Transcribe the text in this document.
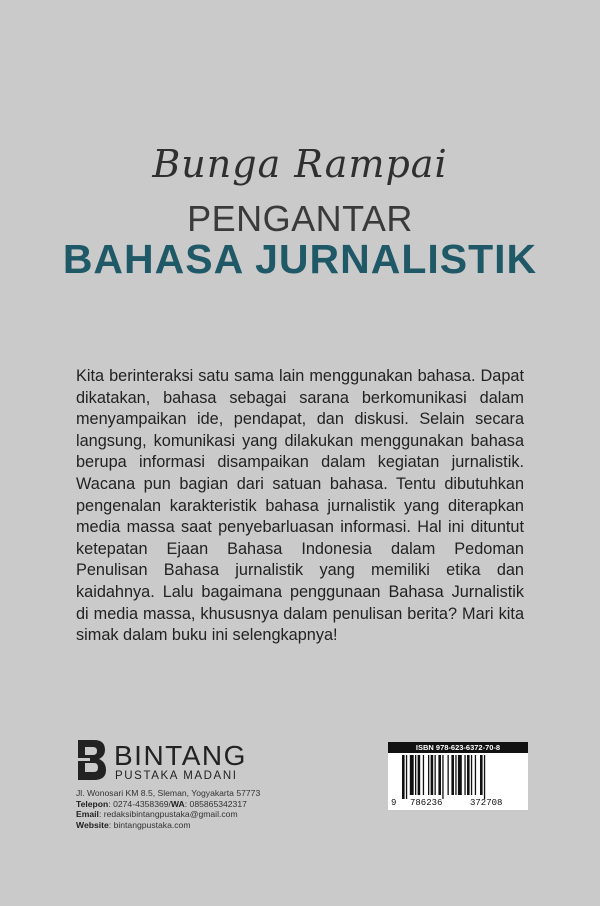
Bunga Rampai
PENGANTAR
BAHASA JURNALISTIK

Kita berinteraksi satu sama lain menggunakan bahasa. Dapat dikatakan, bahasa sebagai sarana berkomunikasi dalam menyampaikan ide, pendapat, dan diskusi. Selain secara langsung, komunikasi yang dilakukan menggunakan bahasa berupa informasi disampaikan dalam kegiatan jurnalistik. Wacana pun bagian dari satuan bahasa. Tentu dibutuhkan pengenalan karakteristik bahasa jurnalistik yang diterapkan media massa saat penyebarluasan informasi. Hal ini dituntut ketepatan Ejaan Bahasa Indonesia dalam Pedoman Penulisan Bahasa jurnalistik yang memiliki etika dan kaidahnya. Lalu bagaimana penggunaan Bahasa Jurnalistik di media massa, khususnya dalam penulisan berita? Mari kita simak dalam buku ini selengkapnya!

BINTANG
PUSTAKA MADANI
Jl. Wonosari KM 8.5, Sleman, Yogyakarta 57773
Telepon: 0274-4358369/WA: 085865342317
Email: redaksibintangpustaka@gmail.com
Website: bintangpustaka.com
ISBN 978-623-6372-70-8
9 786236	372708
